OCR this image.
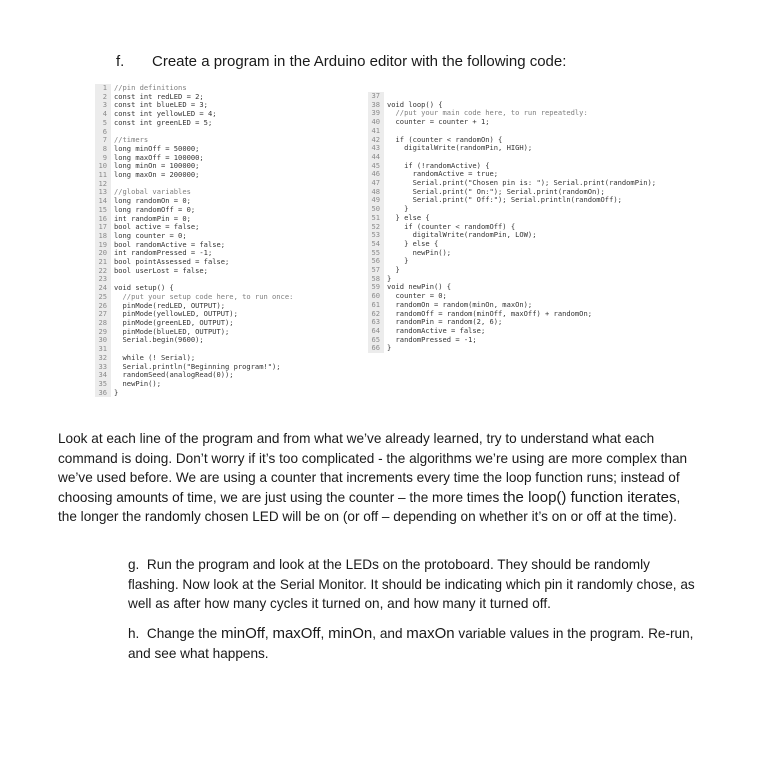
f. Create a program in the Arduino editor with the following code:
1 //pin definitions
2 const int redLED = 2;
3 const int blueLED = 3;
4 const int yellowLED = 4;
5 const int greenLED = 5;
6
7 //timers
8 long minOff = 50000;
9 long maxOff = 100000;
10 long minOn = 100000;
11 long maxOn = 200000;
12
13 //global variables
14 long randomOn = 0;
15 long randomOff = 0;
16 int randomPin = 0;
17 bool active = false;
18 long counter = 0;
19 bool randomActive = false;
20 int randomPressed = -1;
21 bool pointAssessed = false;
22 bool userLost = false;
23
24 void setup() {
25 //put your setup code here, to run once:
26 pinMode(redLED, OUTPUT);
27 pinMode(yellowLED, OUTPUT);
28 pinMode(greenLED, OUTPUT);
29 pinMode(blueLED, OUTPUT);
30 Serial.begin(9600);
31
32 while (! Serial);
33 Serial.println("Beginning program!");
34 randomSeed(analogRead(0));
35 newPin();
36 }
37
38 void loop() {
39 //put your main code here, to run repeatedly:
40 counter = counter + 1;
41
42 if (counter < randomOn) {
43 digitalWrite(randomPin, HIGH);
44
45 if (!randomActive) {
46 randomActive = true;
47 Serial.print("Chosen pin is: "); Serial.print(randomPin);
48 Serial.print(" On:"); Serial.print(randomOn);
49 Serial.print(" Off:"); Serial.println(randomOff);
50 }
51 } else {
52 if (counter < randomOff) {
53 digitalWrite(randomPin, LOW);
54 } else {
55 newPin();
56 }
57 }
58 }
59 void newPin() {
60 counter = 0;
61 randomOn = random(minOn, maxOn);
62 randomOff = random(minOff, maxOff) + randomOn;
63 randomPin = random(2, 6);
64 randomActive = false;
65 randomPressed = -1;
66 }
Look at each line of the program and from what we’ve already learned, try to understand what each command is doing. Don’t worry if it’s too complicated - the algorithms we’re using are more complex than we’ve used before. We are using a counter that increments every time the loop function runs; instead of choosing amounts of time, we are just using the counter – the more times the loop() function iterates, the longer the randomly chosen LED will be on (or off – depending on whether it’s on or off at the time).
g. Run the program and look at the LEDs on the protoboard. They should be randomly flashing. Now look at the Serial Monitor. It should be indicating which pin it randomly chose, as well as after how many cycles it turned on, and how many it turned off.
h. Change the minOff, maxOff, minOn, and maxOn variable values in the program. Re-run, and see what happens.
